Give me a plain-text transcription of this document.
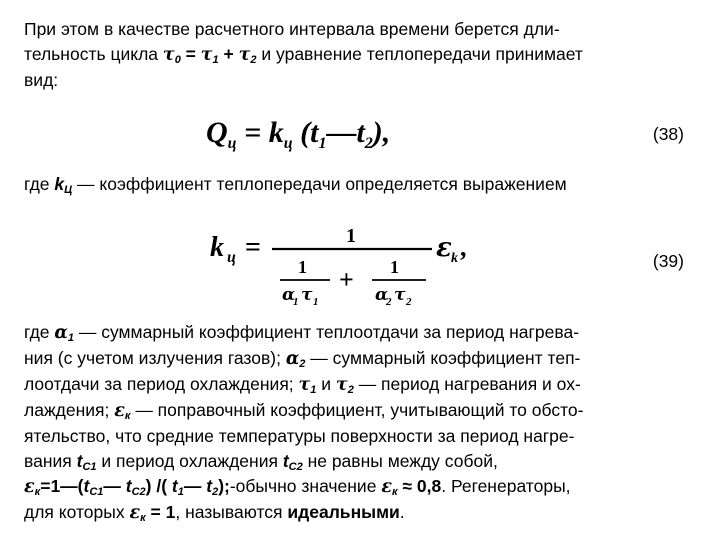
При этом в качестве расчетного интервала времени берется дли-
тельность цикла $\tau_0 = \tau_1 + \tau_2$ и уравнение теплопередачи принимает
вид:
$Q_ц = k_ц$ $(t_1—t_2)$,	(38)
где $k_Ц$ — коэффициент теплопередачи определяется выражением
k ц =	1
1
α
1 τ 1
+ 1
α
2 τ 2
ε k ,	(39)
где $\alpha_1$ — суммарный коэффициент теплоотдачи за период нагрева-
ния (с учетом излучения газов); $\alpha_2$ — суммарный коэффициент теп-
лоотдачи за период охлаждения; $\tau_1$ и $\tau_2$ — период нагревания и ох-
лаждения; $\varepsilon_к$ — поправочный коэффициент, учитывающий то обсто-
ятельство, что средние температуры поверхности за период нагре-
вания $t_{C1}$ и период охлаждения $t_{C2}$ не равны между собой,
$\varepsilon_к=1—(t_{C1}—$ $t_{C2}$) /( $t_1—$ $t_2$);-обычно значение $\varepsilon_к \approx 0,8$. Регенераторы,
для которых $\varepsilon_к = 1$, называются идеальными.
